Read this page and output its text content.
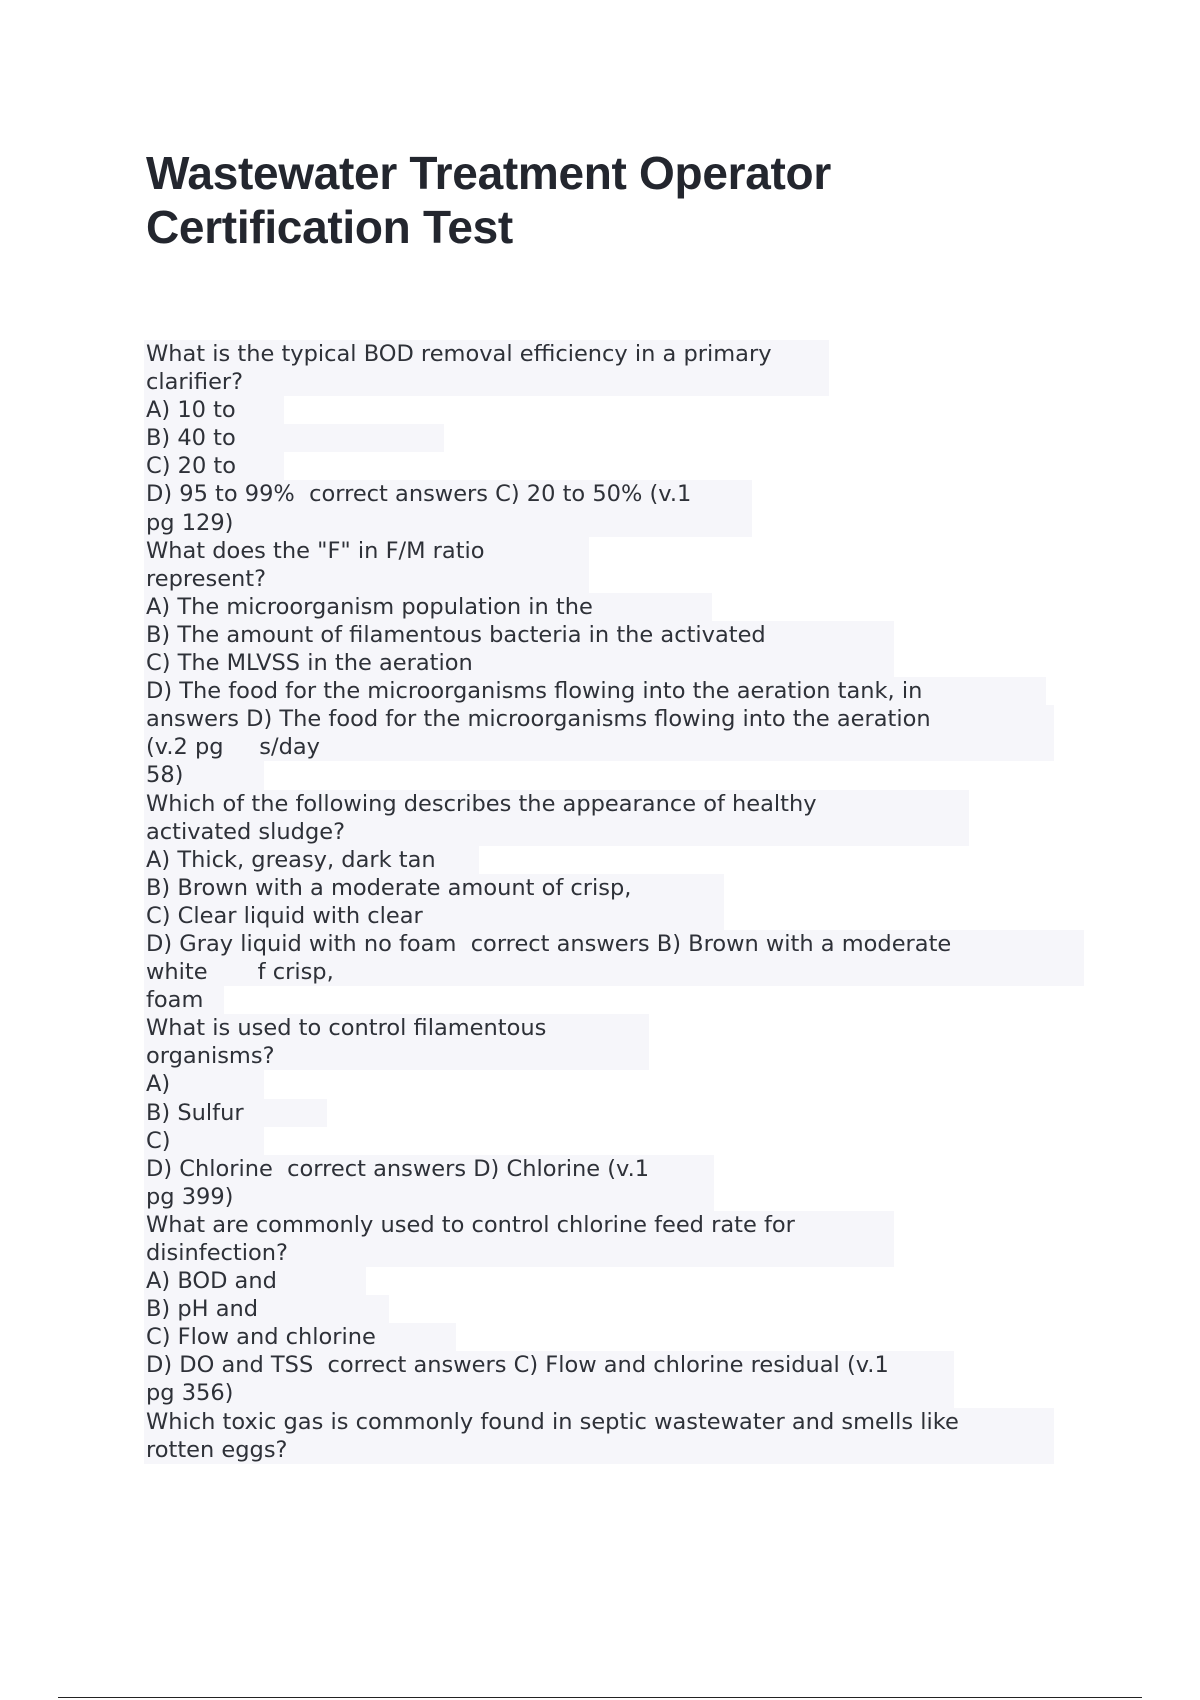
Wastewater Treatment Operator Certification Test
What is the typical BOD removal efficiency in a primary
clarifier?
A) 10 to
B) 40 to
C) 20 to
D) 95 to 99%  correct answers C) 20 to 50% (v.1
pg 129)
What does the "F" in F/M ratio
represent?
A) The microorganism population in the
B) The amount of filamentous bacteria in the activated
C) The MLVSS in the aeration
D) The food for the microorganisms flowing into the aeration tank, in
answers D) The food for the microorganisms flowing into the aeration
(v.2 pg     s/day
58)
Which of the following describes the appearance of healthy
activated sludge?
A) Thick, greasy, dark tan
B) Brown with a moderate amount of crisp,
C) Clear liquid with clear
D) Gray liquid with no foam  correct answers B) Brown with a moderate
white       f crisp,
foam
What is used to control filamentous
organisms?
A)
B) Sulfur
C)
D) Chlorine  correct answers D) Chlorine (v.1
pg 399)
What are commonly used to control chlorine feed rate for
disinfection?
A) BOD and
B) pH and
C) Flow and chlorine
D) DO and TSS  correct answers C) Flow and chlorine residual (v.1
pg 356)
Which toxic gas is commonly found in septic wastewater and smells like
rotten eggs?
